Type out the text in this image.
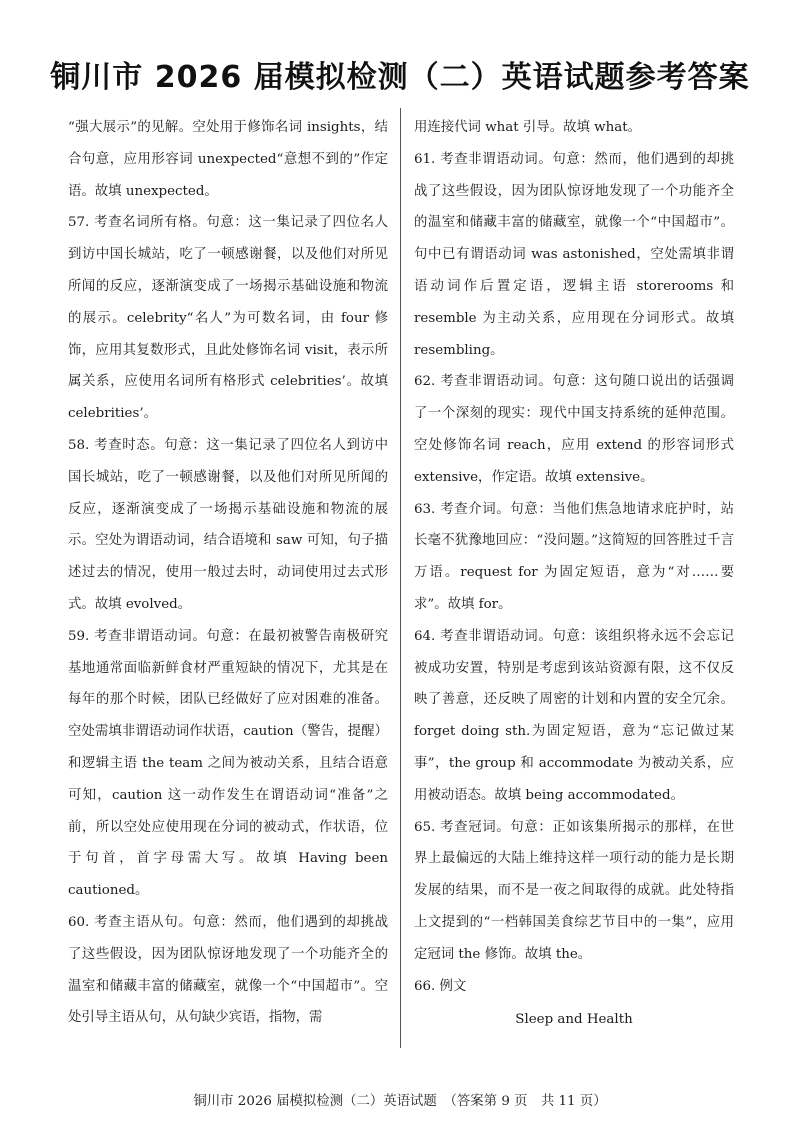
铜川市 2026 届模拟检测（二）英语试题参考答案

“强大展示”的见解。空处用于修饰名词 insights，结合句意，应用形容词 unexpected“意想不到的”作定语。故填 unexpected。

57. 考查名词所有格。句意：这一集记录了四位名人到访中国长城站，吃了一顿感谢餐，以及他们对所见所闻的反应，逐渐演变成了一场揭示基础设施和物流的展示。celebrity“名人”为可数名词，由 four 修饰，应用其复数形式，且此处修饰名词 visit，表示所属关系，应使用名词所有格形式 celebrities’。故填 celebrities’。

58. 考查时态。句意：这一集记录了四位名人到访中国长城站，吃了一顿感谢餐，以及他们对所见所闻的反应，逐渐演变成了一场揭示基础设施和物流的展示。空处为谓语动词，结合语境和 saw 可知，句子描述过去的情况，使用一般过去时，动词使用过去式形式。故填 evolved。

59. 考查非谓语动词。句意：在最初被警告南极研究基地通常面临新鲜食材严重短缺的情况下，尤其是在每年的那个时候，团队已经做好了应对困难的准备。空处需填非谓语动词作状语，caution（警告，提醒）和逻辑主语 the team 之间为被动关系，且结合语意可知，caution 这一动作发生在谓语动词“准备”之前，所以空处应使用现在分词的被动式，作状语，位于句首，首字母需大写。故填 Having been cautioned。

60. 考查主语从句。句意：然而，他们遇到的却挑战了这些假设，因为团队惊讶地发现了一个功能齐全的温室和储藏丰富的储藏室，就像一个“中国超市”。空处引导主语从句，从句缺少宾语，指物，需

用连接代词 what 引导。故填 what。

61. 考查非谓语动词。句意：然而，他们遇到的却挑战了这些假设，因为团队惊讶地发现了一个功能齐全的温室和储藏丰富的储藏室，就像一个“中国超市”。句中已有谓语动词 was astonished，空处需填非谓语动词作后置定语，逻辑主语 storerooms 和 resemble 为主动关系，应用现在分词形式。故填 resembling。

62. 考查非谓语动词。句意：这句随口说出的话强调了一个深刻的现实：现代中国支持系统的延伸范围。空处修饰名词 reach，应用 extend 的形容词形式 extensive，作定语。故填 extensive。

63. 考查介词。句意：当他们焦急地请求庇护时，站长毫不犹豫地回应：“没问题。”这简短的回答胜过千言万语。request for 为固定短语，意为“对……要求”。故填 for。

64. 考查非谓语动词。句意：该组织将永远不会忘记被成功安置，特别是考虑到该站资源有限，这不仅反映了善意，还反映了周密的计划和内置的安全冗余。forget doing sth.为固定短语，意为“忘记做过某事”，the group 和 accommodate 为被动关系，应用被动语态。故填 being accommodated。

65. 考查冠词。句意：正如该集所揭示的那样，在世界上最偏远的大陆上维持这样一项行动的能力是长期发展的结果，而不是一夜之间取得的成就。此处特指上文提到的“一档韩国美食综艺节目中的一集”，应用定冠词 the 修饰。故填 the。

66. 例文

Sleep and Health

铜川市 2026 届模拟检测（二）英语试题　（答案第 9 页　共 11 页）
